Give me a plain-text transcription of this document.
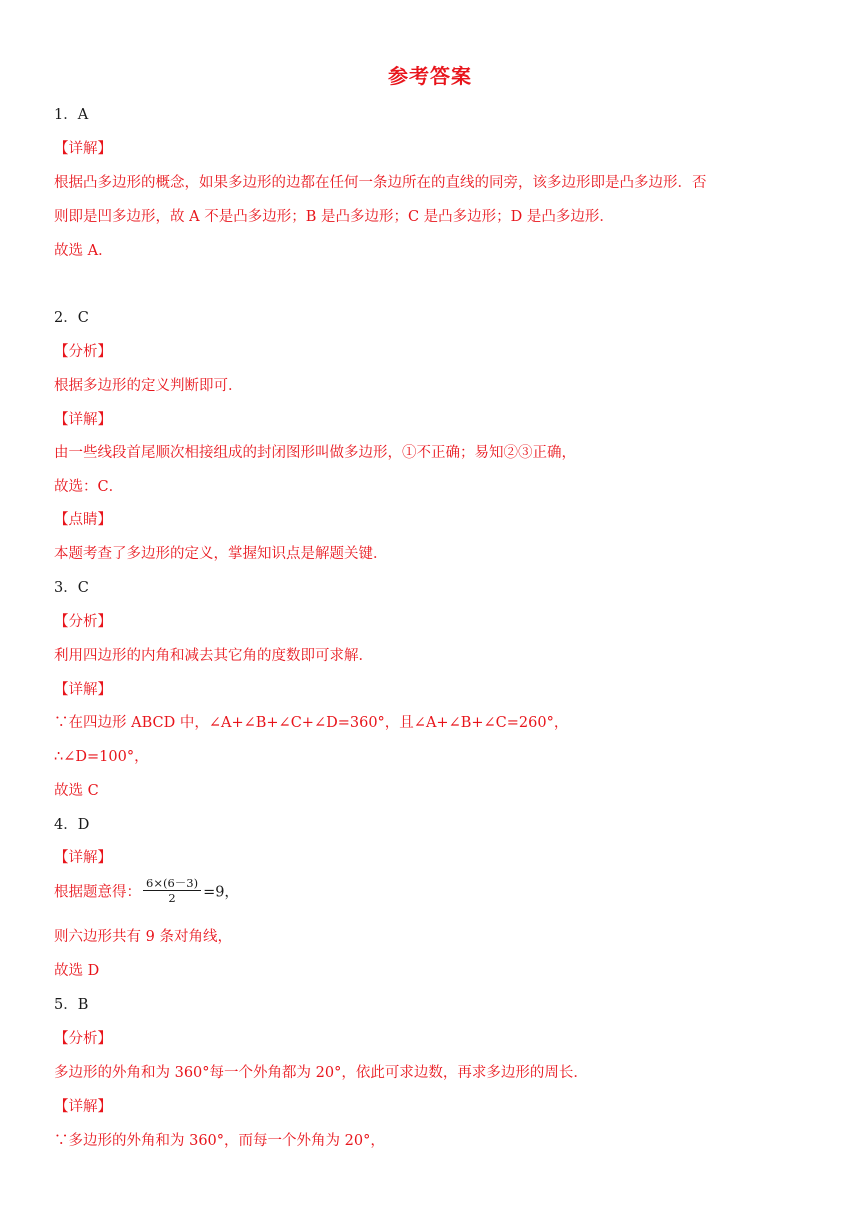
参考答案
1．A
【详解】
根据凸多边形的概念，如果多边形的边都在任何一条边所在的直线的同旁，该多边形即是凸多边形．否
则即是凹多边形，故 A 不是凸多边形；B 是凸多边形；C 是凸多边形；D 是凸多边形．
故选 A．
2．C
【分析】
根据多边形的定义判断即可．
【详解】
由一些线段首尾顺次相接组成的封闭图形叫做多边形，①不正确；易知②③正确，
故选：C．
【点睛】
本题考查了多边形的定义，掌握知识点是解题关键．
3．C
【分析】
利用四边形的内角和减去其它角的度数即可求解．
【详解】
∵在四边形 ABCD 中，∠A+∠B+∠C+∠D=360°，且∠A+∠B+∠C=260°，
∴∠D=100°，
故选 C
4．D
【详解】
根据题意得： $\frac{6\times(6-3)}{2} =9$，
则六边形共有 9 条对角线，
故选 D
5．B
【分析】
多边形的外角和为 360°每一个外角都为 20°，依此可求边数，再求多边形的周长．
【详解】
∵多边形的外角和为 360°，而每一个外角为 20°，
